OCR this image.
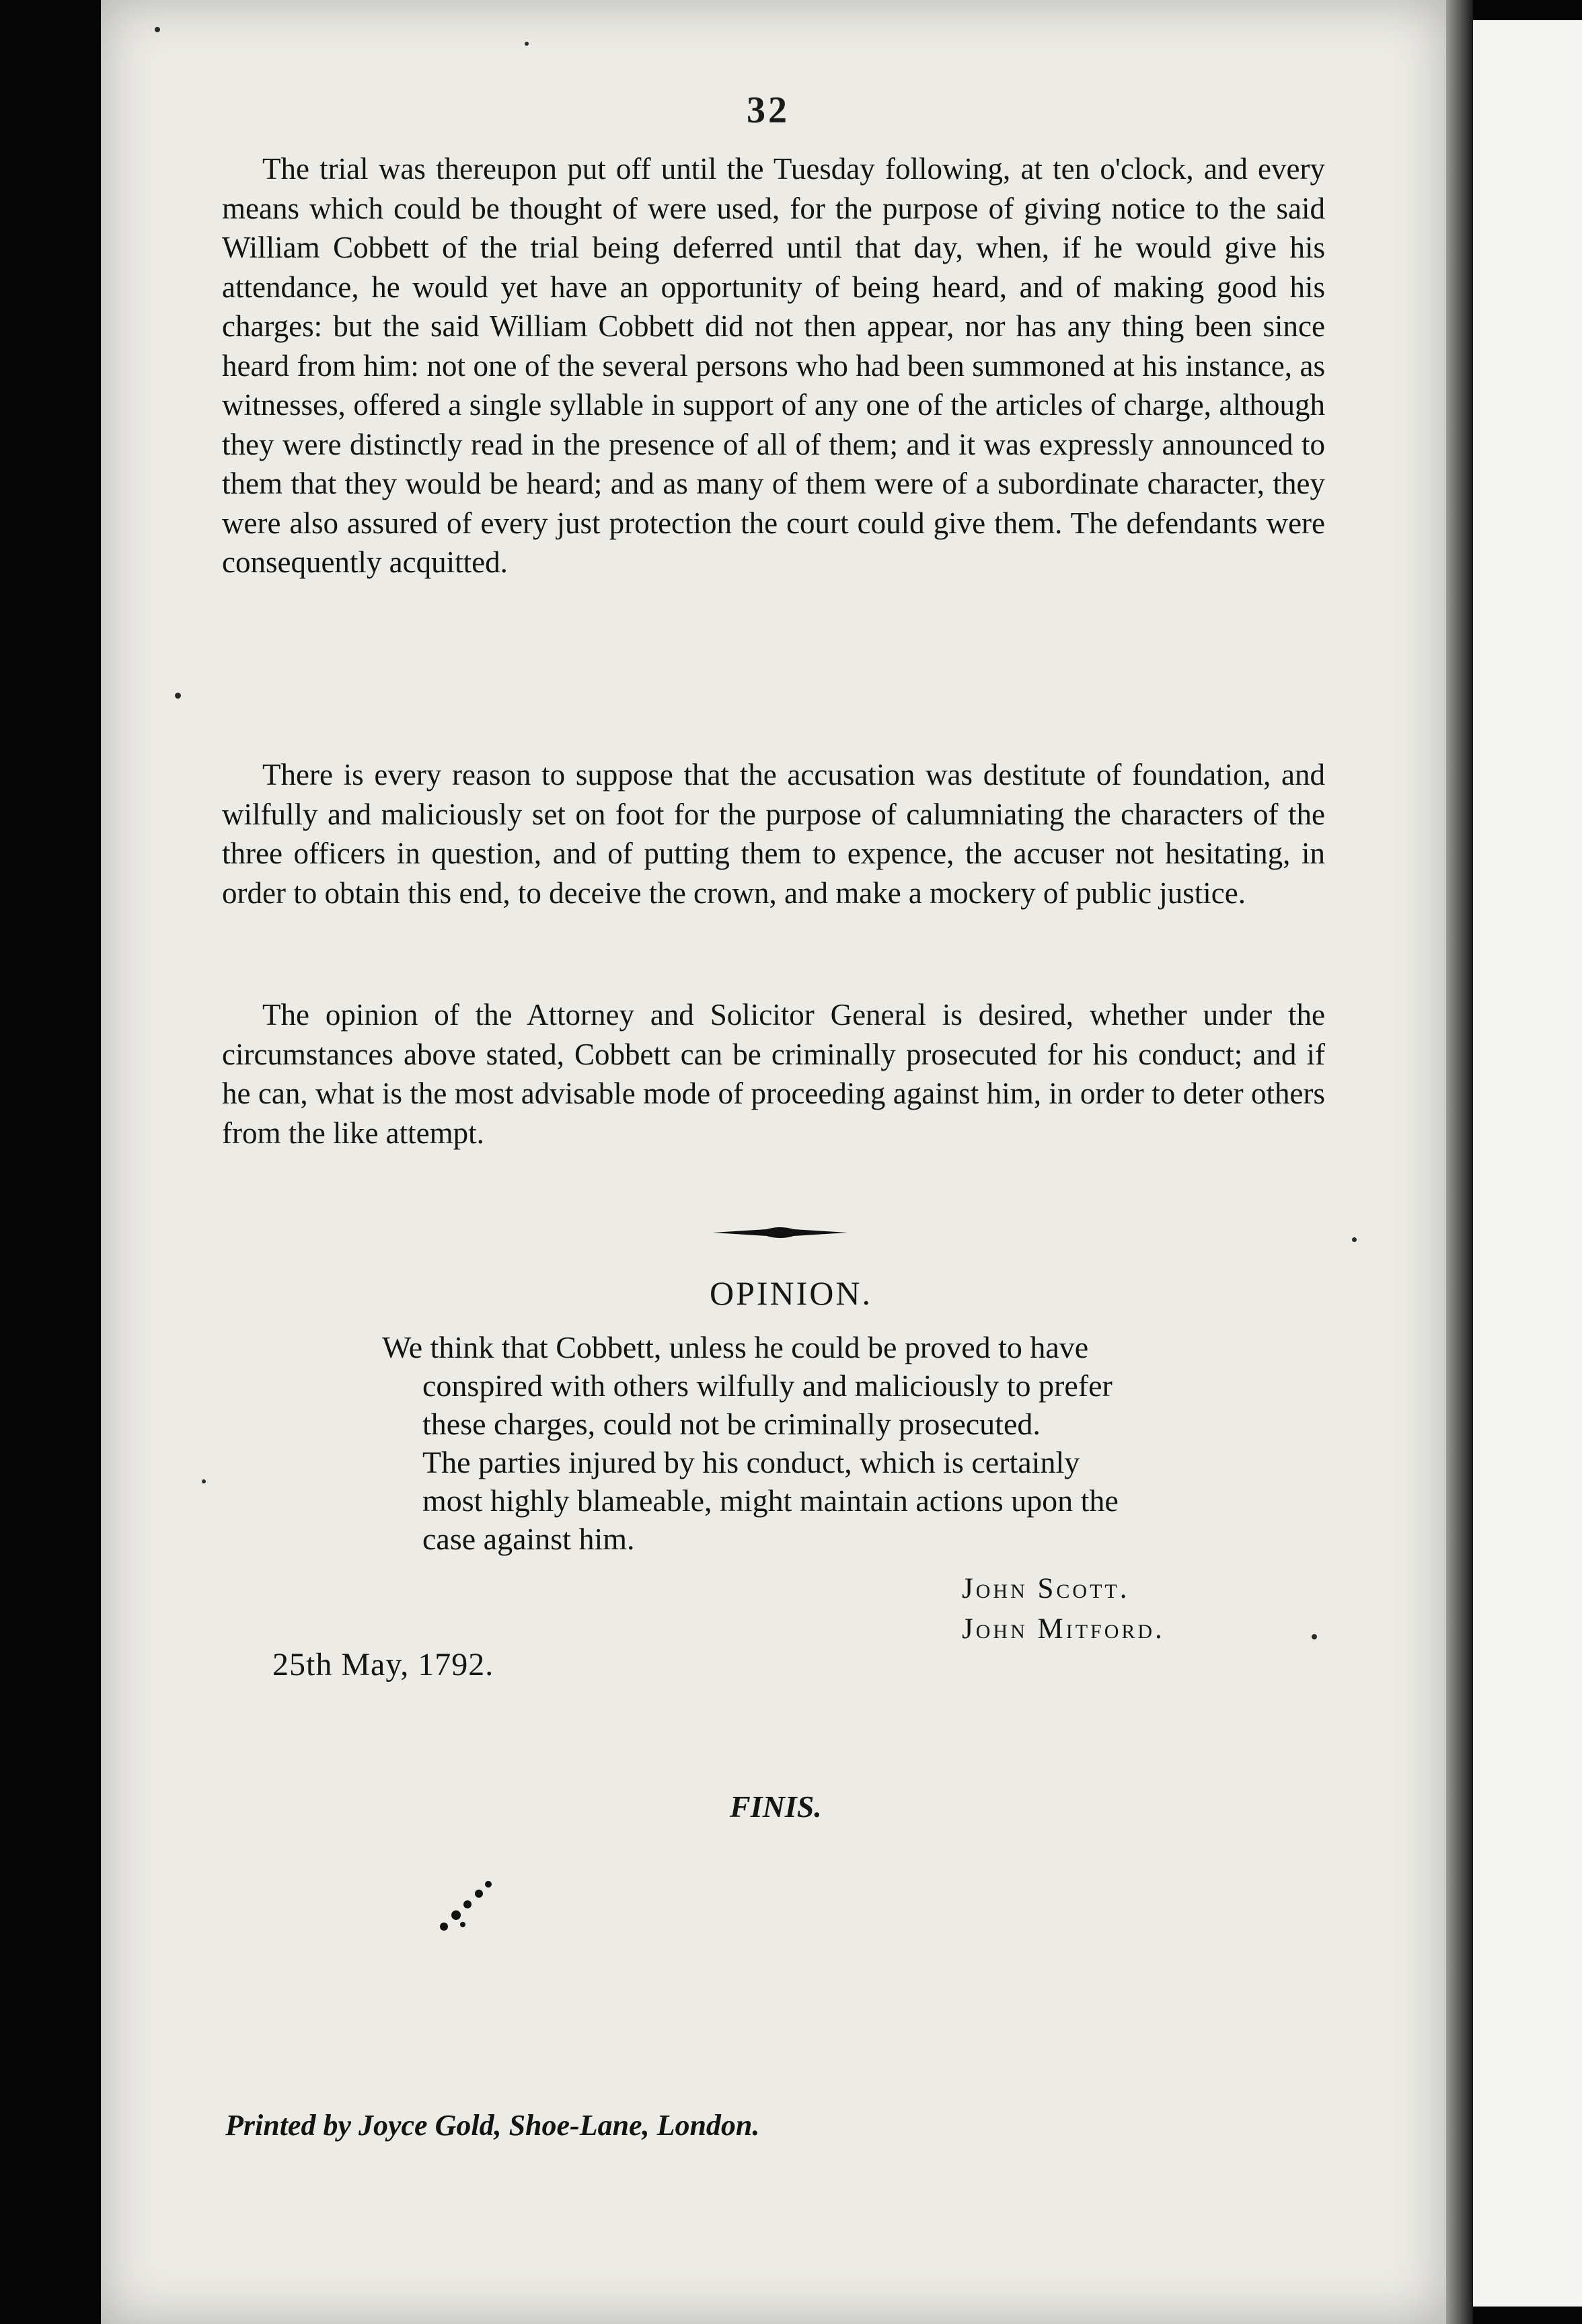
32

The trial was thereupon put off until the Tuesday following, at ten o'clock, and every means which could be thought of were used, for the purpose of giving notice to the said William Cobbett of the trial being deferred until that day, when, if he would give his attendance, he would yet have an opportunity of being heard, and of making good his charges: but the said William Cobbett did not then appear, nor has any thing been since heard from him: not one of the several persons who had been summoned at his instance, as witnesses, offered a single syllable in support of any one of the articles of charge, although they were distinctly read in the presence of all of them; and it was expressly announced to them that they would be heard; and as many of them were of a subordinate character, they were also assured of every just protection the court could give them. The defendants were consequently acquitted.

There is every reason to suppose that the accusation was destitute of foundation, and wilfully and maliciously set on foot for the purpose of calumniating the characters of the three officers in question, and of putting them to expence, the accuser not hesitating, in order to obtain this end, to deceive the crown, and make a mockery of public justice.

The opinion of the Attorney and Solicitor General is desired, whether under the circumstances above stated, Cobbett can be criminally prosecuted for his conduct; and if he can, what is the most advisable mode of proceeding against him, in order to deter others from the like attempt.

OPINION.
We think that Cobbett, unless he could be proved to have
conspired with others wilfully and maliciously to prefer
these charges, could not be criminally prosecuted.
The parties injured by his conduct, which is certainly
most highly blameable, might maintain actions upon the
case against him.
John Scott.
John Mitford.
25th May, 1792.
FINIS.
Printed by Joyce Gold, Shoe-Lane, London.
